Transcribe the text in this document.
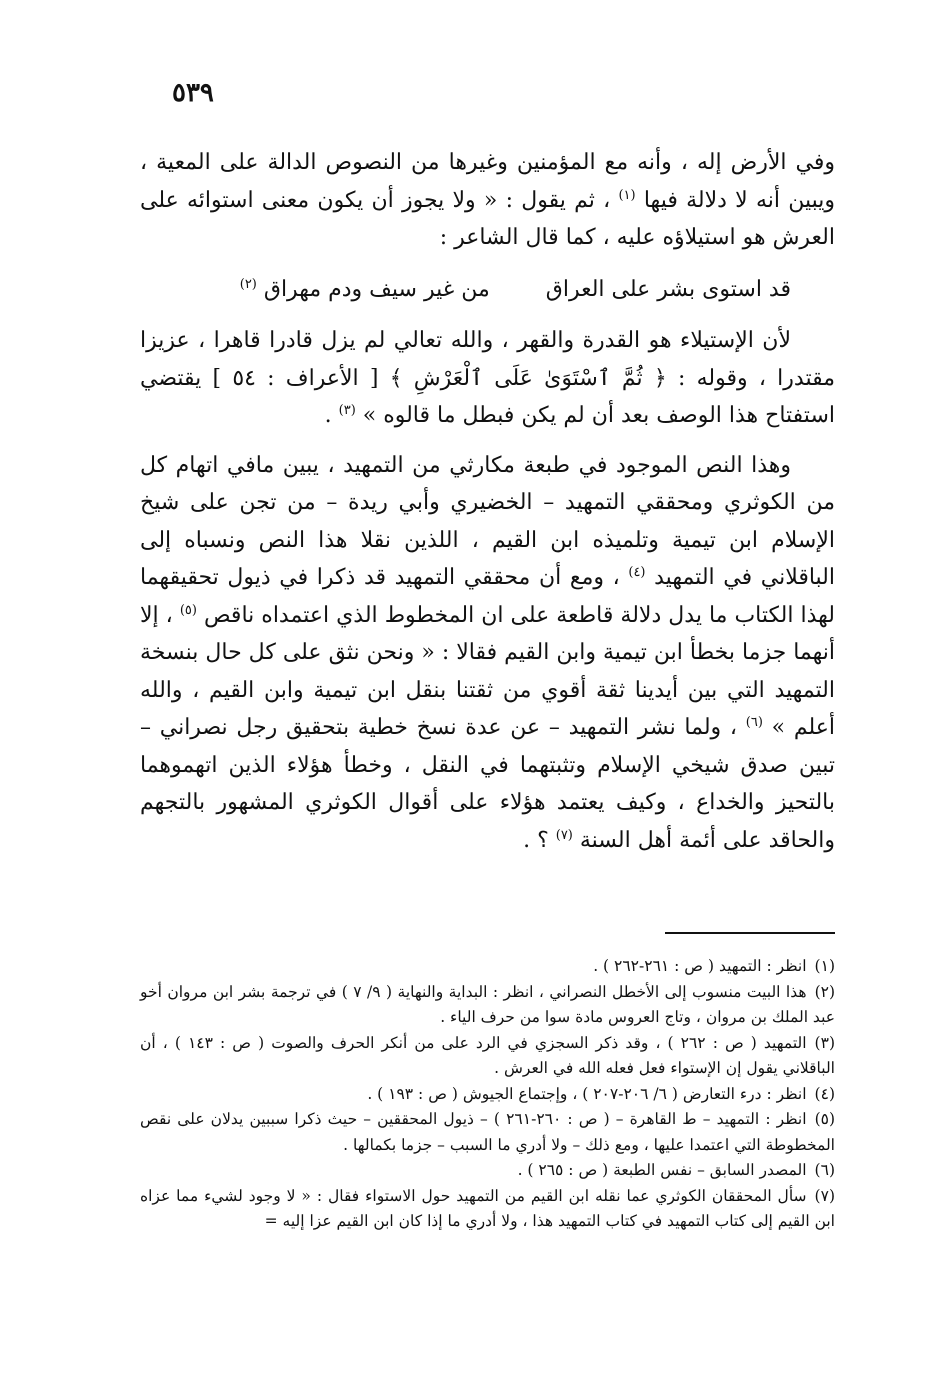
٥٣٩

وفي الأرض إله ، وأنه مع المؤمنين وغيرها من النصوص الدالة على المعية ، ويبين أنه لا دلالة فيها $^{(١)}$ ، ثم يقول : « ولا يجوز أن يكون معنى استوائه على العرش هو استيلاؤه عليه ، كما قال الشاعر :

قد استوى بشر على العراق
من غير سيف ودم مهراق $^{(٢)}$

لأن الإستيلاء هو القدرة والقهر ، والله تعالي لم يزل قادرا قاهرا ، عزيزا مقتدرا ، وقوله : ﴿ ثُمَّ ٱسْتَوَىٰ عَلَى ٱلْعَرْشِ ﴾ [ الأعراف : ٥٤ ] يقتضي استفتاح هذا الوصف بعد أن لم يكن فبطل ما قالوه » $^{(٣)}$ .

وهذا النص الموجود في طبعة مكارثي من التمهيد ، يبين مافي اتهام كل من الكوثري ومحققي التمهيد – الخضيري وأبي ريدة – من تجن على شيخ الإسلام ابن تيمية وتلميذه ابن القيم ، اللذين نقلا هذا النص ونسباه إلى الباقلاني في التمهيد $^{(٤)}$ ، ومع أن محققي التمهيد قد ذكرا في ذيول تحقيقهما لهذا الكتاب ما يدل دلالة قاطعة على ان المخطوط الذي اعتمداه ناقص $^{(٥)}$ ، إلا أنهما جزما بخطأ ابن تيمية وابن القيم فقالا : « ونحن نثق على كل حال بنسخة التمهيد التي بين أيدينا ثقة أقوي من ثقتنا بنقل ابن تيمية وابن القيم ، والله أعلم » $^{(٦)}$ ، ولما نشر التمهيد – عن عدة نسخ خطية بتحقيق رجل نصراني – تبين صدق شيخي الإسلام وتثبتهما في النقل ، وخطأ هؤلاء الذين اتهموهما بالتحيز والخداع ، وكيف يعتمد هؤلاء على أقوال الكوثري المشهور بالتجهم والحاقد على أئمة أهل السنة $^{(٧)}$ ؟ .

(١)انظر : التمهيد ( ص : ٢٦١-٢٦٢ ) .

(٢)هذا البيت منسوب إلى الأخطل النصراني ، انظر : البداية والنهاية ( ٩/ ٧ ) في ترجمة بشر ابن مروان أخو عبد الملك بن مروان ، وتاج العروس مادة سوا من حرف الياء .

(٣)التمهيد ( ص : ٢٦٢ ) ، وقد ذكر السجزي في الرد على من أنكر الحرف والصوت ( ص : ١٤٣ ) ، أن الباقلاني يقول إن الإستواء فعل فعله الله في العرش .

(٤)انظر : درء التعارض ( ٦/ ٢٠٦-٢٠٧ ) ، وإجتماع الجيوش ( ص : ١٩٣ ) .

(٥)انظر : التمهيد – ط القاهرة – ( ص : ٢٦٠-٢٦١ ) – ذيول المحققين – حيث ذكرا سببين يدلان على نقص المخطوطة التي اعتمدا عليها ، ومع ذلك – ولا أدري ما السبب – جزما بكمالها .

(٦)المصدر السابق – نفس الطبعة ( ص : ٢٦٥ ) .

(٧)سأل المحققان الكوثري عما نقله ابن القيم من التمهيد حول الاستواء فقال : « لا وجود لشيء مما عزاه ابن القيم إلى كتاب التمهيد في كتاب التمهيد هذا ، ولا أدري ما إذا كان ابن القيم عزا إليه =
